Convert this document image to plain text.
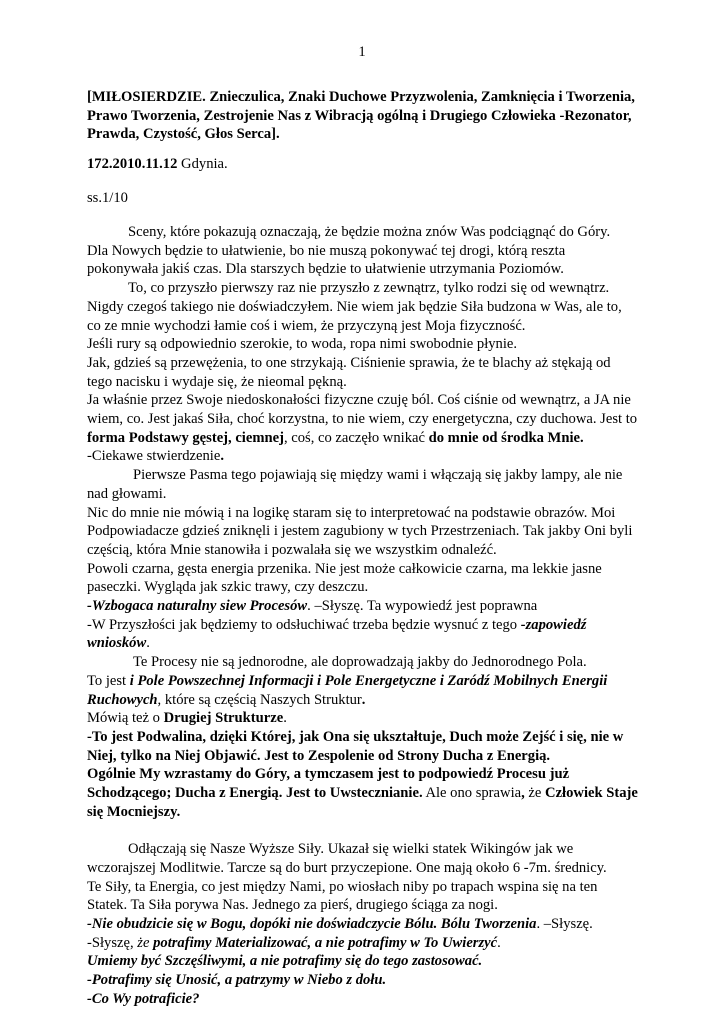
1
[MIŁOSIERDZIE. Znieczulica, Znaki Duchowe Przyzwolenia, Zamknięcia i Tworzenia,
Prawo Tworzenia, Zestrojenie Nas z Wibracją ogólną i Drugiego Człowieka -Rezonator,
Prawda, Czystość, Głos Serca].
172.2010.11.12 Gdynia.
ss.1/10

Sceny, które pokazują oznaczają, że będzie można znów Was podciągnąć do Góry.

Dla Nowych będzie to ułatwienie, bo nie muszą pokonywać tej drogi, którą reszta

pokonywała jakiś czas. Dla starszych będzie to ułatwienie utrzymania Poziomów.

To, co przyszło pierwszy raz nie przyszło z zewnątrz, tylko rodzi się od wewnątrz.

Nigdy czegoś takiego nie doświadczyłem. Nie wiem jak będzie Siła budzona w Was, ale to,

co ze mnie wychodzi łamie coś i wiem, że przyczyną jest Moja fizyczność.

Jeśli rury są odpowiednio szerokie, to woda, ropa nimi swobodnie płynie.

Jak, gdzieś są przewężenia, to one strzykają. Ciśnienie sprawia, że te blachy aż stękają od

tego nacisku i wydaje się, że nieomal pękną.

Ja właśnie przez Swoje niedoskonałości fizyczne czuję ból. Coś ciśnie od wewnątrz, a JA nie

wiem, co. Jest jakaś Siła, choć korzystna, to nie wiem, czy energetyczna, czy duchowa. Jest to

forma Podstawy gęstej, ciemnej, coś, co zaczęło wnikać do mnie od środka Mnie.

-Ciekawe stwierdzenie.

Pierwsze Pasma tego pojawiają się między wami i włączają się jakby lampy, ale nie

nad głowami.

Nic do mnie nie mówią i na logikę staram się to interpretować na podstawie obrazów. Moi

Podpowiadacze gdzieś zniknęli i jestem zagubiony w tych Przestrzeniach. Tak jakby Oni byli

częścią, która Mnie stanowiła i pozwalała się we wszystkim odnaleźć.

Powoli czarna, gęsta energia przenika. Nie jest może całkowicie czarna, ma lekkie jasne

paseczki. Wygląda jak szkic trawy, czy deszczu.

-Wzbogaca naturalny siew Procesów. –Słyszę. Ta wypowiedź jest poprawna

-W Przyszłości jak będziemy to odsłuchiwać trzeba będzie wysnuć z tego -zapowiedź

wniosków.

Te Procesy nie są jednorodne, ale doprowadzają jakby do Jednorodnego Pola.

To jest i Pole Powszechnej Informacji i Pole Energetyczne i Zaródź Mobilnych Energii

Ruchowych, które są częścią Naszych Struktur.

Mówią też o Drugiej Strukturze.

-To jest Podwalina, dzięki Której, jak Ona się ukształtuje, Duch może Zejść i się, nie w

Niej, tylko na Niej Objawić. Jest to Zespolenie od Strony Ducha z Energią.

Ogólnie My wzrastamy do Góry, a tymczasem jest to podpowiedź Procesu już

Schodzącego; Ducha z Energią. Jest to Uwstecznianie. Ale ono sprawia, że Człowiek Staje

się Mocniejszy.

Odłączają się Nasze Wyższe Siły. Ukazał się wielki statek Wikingów jak we

wczorajszej Modlitwie. Tarcze są do burt przyczepione. One mają około 6 -7m. średnicy.

Te Siły, ta Energia, co jest między Nami, po wiosłach niby po trapach wspina się na ten

Statek. Ta Siła porywa Nas. Jednego za pierś, drugiego ściąga za nogi.

-Nie obudzicie się w Bogu, dopóki nie doświadczycie Bólu. Bólu Tworzenia. –Słyszę.

-Słyszę, że potrafimy Materializować, a nie potrafimy w To Uwierzyć.

Umiemy być Szczęśliwymi, a nie potrafimy się do tego zastosować.

-Potrafimy się Unosić, a patrzymy w Niebo z dołu.

-Co Wy potraficie?
